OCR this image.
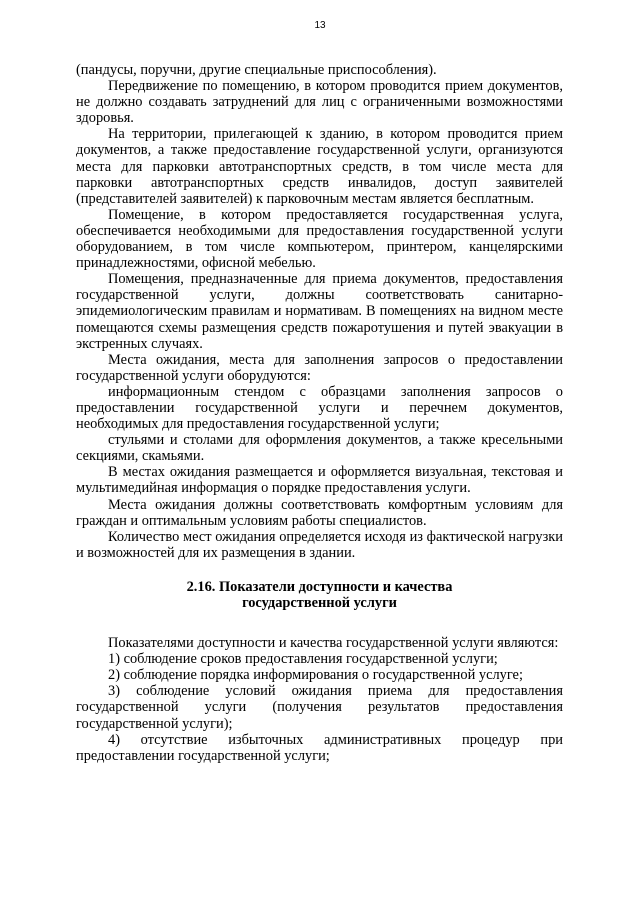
13

(пандусы, поручни, другие специальные приспособления).

Передвижение по помещению, в котором проводится прием документов, не должно создавать затруднений для лиц с ограниченными возможностями здоровья.

На территории, прилегающей к зданию, в котором проводится прием документов, а также предоставление государственной услуги, организуются места для парковки автотранспортных средств, в том числе места для парковки автотранспортных средств инвалидов, доступ заявителей (представителей заявителей) к парковочным местам является бесплатным.

Помещение, в котором предоставляется государственная услуга, обеспечивается необходимыми для предоставления государственной услуги оборудованием, в том числе компьютером, принтером, канцелярскими принадлежностями, офисной мебелью.

Помещения, предназначенные для приема документов, предоставления государственной услуги, должны соответствовать санитарно-эпидемиологическим правилам и нормативам. В помещениях на видном месте помещаются схемы размещения средств пожаротушения и путей эвакуации в экстренных случаях.

Места ожидания, места для заполнения запросов о предоставлении государственной услуги оборудуются:

информационным стендом с образцами заполнения запросов о предоставлении государственной услуги и перечнем документов, необходимых для предоставления государственной услуги;

стульями и столами для оформления документов, а также кресельными секциями, скамьями.

В местах ожидания размещается и оформляется визуальная, текстовая и мультимедийная информация о порядке предоставления услуги.

Места ожидания должны соответствовать комфортным условиям для граждан и оптимальным условиям работы специалистов.

Количество мест ожидания определяется исходя из фактической нагрузки и возможностей для их размещения в здании.

2.16. Показатели доступности и качества
государственной услуги

Показателями доступности и качества государственной услуги являются:

1) соблюдение сроков предоставления государственной услуги;

2) соблюдение порядка информирования о государственной услуге;

3) соблюдение условий ожидания приема для предоставления государственной услуги (получения результатов предоставления государственной услуги);

4) отсутствие избыточных административных процедур при предоставлении государственной услуги;
